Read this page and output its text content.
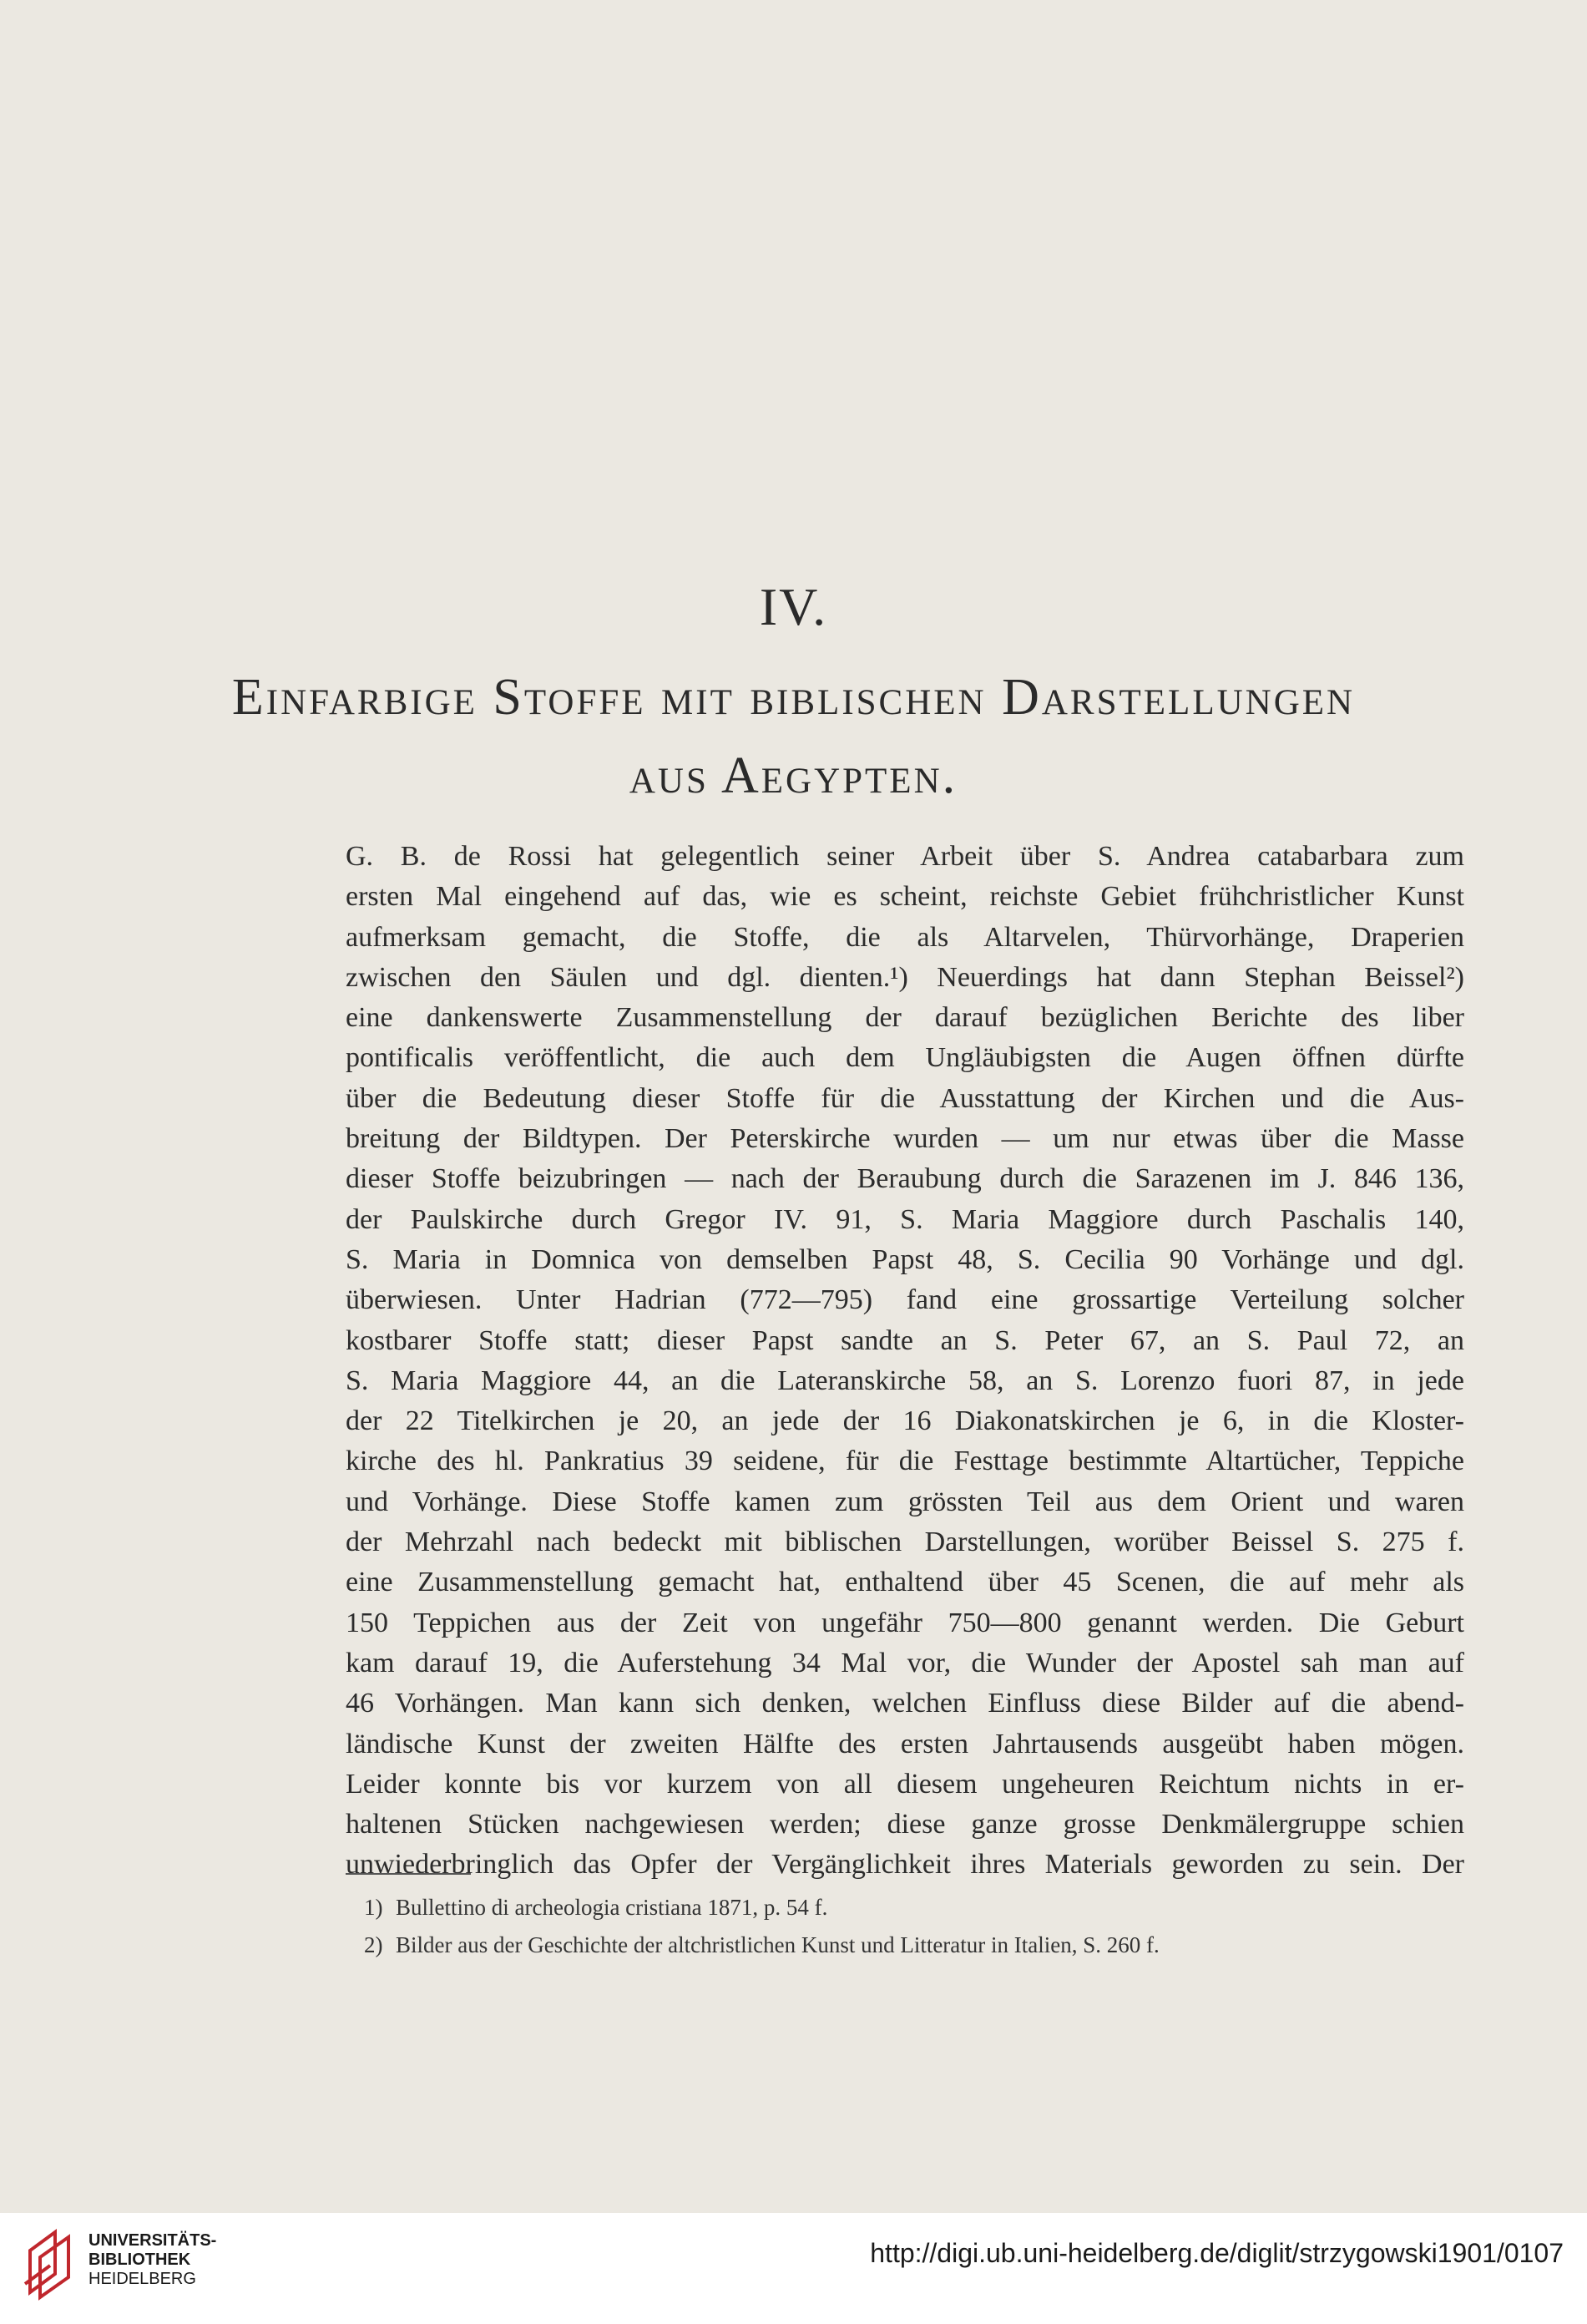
IV.
Einfarbige Stoffe mit biblischen Darstellungen
aus Aegypten.
G. B. de Rossi hat gelegentlich seiner Arbeit über S. Andrea catabarbara zum
ersten Mal eingehend auf das, wie es scheint, reichste Gebiet frühchristlicher Kunst
aufmerksam gemacht, die Stoffe, die als Altarvelen, Thürvorhänge, Draperien
zwischen den Säulen und dgl. dienten.¹) Neuerdings hat dann Stephan Beissel²)
eine dankenswerte Zusammenstellung der darauf bezüglichen Berichte des liber
pontificalis veröffentlicht, die auch dem Ungläubigsten die Augen öffnen dürfte
über die Bedeutung dieser Stoffe für die Ausstattung der Kirchen und die Aus-
breitung der Bildtypen. Der Peterskirche wurden — um nur etwas über die Masse
dieser Stoffe beizubringen — nach der Beraubung durch die Sarazenen im J. 846 136,
der Paulskirche durch Gregor IV. 91, S. Maria Maggiore durch Paschalis 140,
S. Maria in Domnica von demselben Papst 48, S. Cecilia 90 Vorhänge und dgl.
überwiesen. Unter Hadrian (772—795) fand eine grossartige Verteilung solcher
kostbarer Stoffe statt; dieser Papst sandte an S. Peter 67, an S. Paul 72, an
S. Maria Maggiore 44, an die Lateranskirche 58, an S. Lorenzo fuori 87, in jede
der 22 Titelkirchen je 20, an jede der 16 Diakonatskirchen je 6, in die Kloster-
kirche des hl. Pankratius 39 seidene, für die Festtage bestimmte Altartücher, Teppiche
und Vorhänge. Diese Stoffe kamen zum grössten Teil aus dem Orient und waren
der Mehrzahl nach bedeckt mit biblischen Darstellungen, worüber Beissel S. 275 f.
eine Zusammenstellung gemacht hat, enthaltend über 45 Scenen, die auf mehr als
150 Teppichen aus der Zeit von ungefähr 750—800 genannt werden. Die Geburt
kam darauf 19, die Auferstehung 34 Mal vor, die Wunder der Apostel sah man auf
46 Vorhängen. Man kann sich denken, welchen Einfluss diese Bilder auf die abend-
ländische Kunst der zweiten Hälfte des ersten Jahrtausends ausgeübt haben mögen.
Leider konnte bis vor kurzem von all diesem ungeheuren Reichtum nichts in er-
haltenen Stücken nachgewiesen werden; diese ganze grosse Denkmälergruppe schien
unwiederbringlich das Opfer der Vergänglichkeit ihres Materials geworden zu sein. Der
1) Bullettino di archeologia cristiana 1871, p. 54 f.
2) Bilder aus der Geschichte der altchristlichen Kunst und Litteratur in Italien, S. 260 f.
UNIVERSITÄTS-
BIBLIOTHEK
HEIDELBERG
http://digi.ub.uni-heidelberg.de/diglit/strzygowski1901/0107
